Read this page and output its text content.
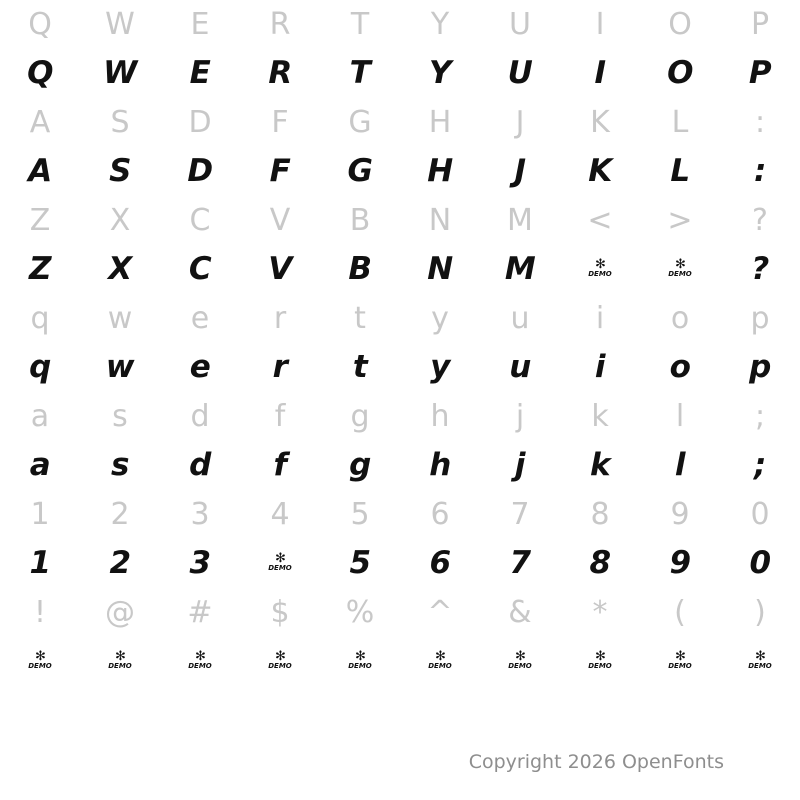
Q
Q
W
W
E
E
R
R
T
T
Y
Y
U
U
I
I
O
O
P
P
A
A
S
S
D
D
F
F
G
G
H
H
J
J
K
K
L
L
:
:
Z
Z
X
X
C
C
V
V
B
B
N
N
M
M
<
✻
DEMO
>
✻
DEMO
?
?
q
q
w
w
e
e
r
r
t
t
y
y
u
u
i
i
o
o
p
p
a
a
s
s
d
d
f
f
g
g
h
h
j
j
k
k
l
l
;
;
1
1
2
2
3
3
4
✻
DEMO
5
5
6
6
7
7
8
8
9
9
0
0
!
✻
DEMO
@
✻
DEMO
#
✻
DEMO
$
✻
DEMO
%
✻
DEMO
^
✻
DEMO
&
✻
DEMO
*
✻
DEMO
(
✻
DEMO
)
✻
DEMO
Copyright 2026 OpenFonts
